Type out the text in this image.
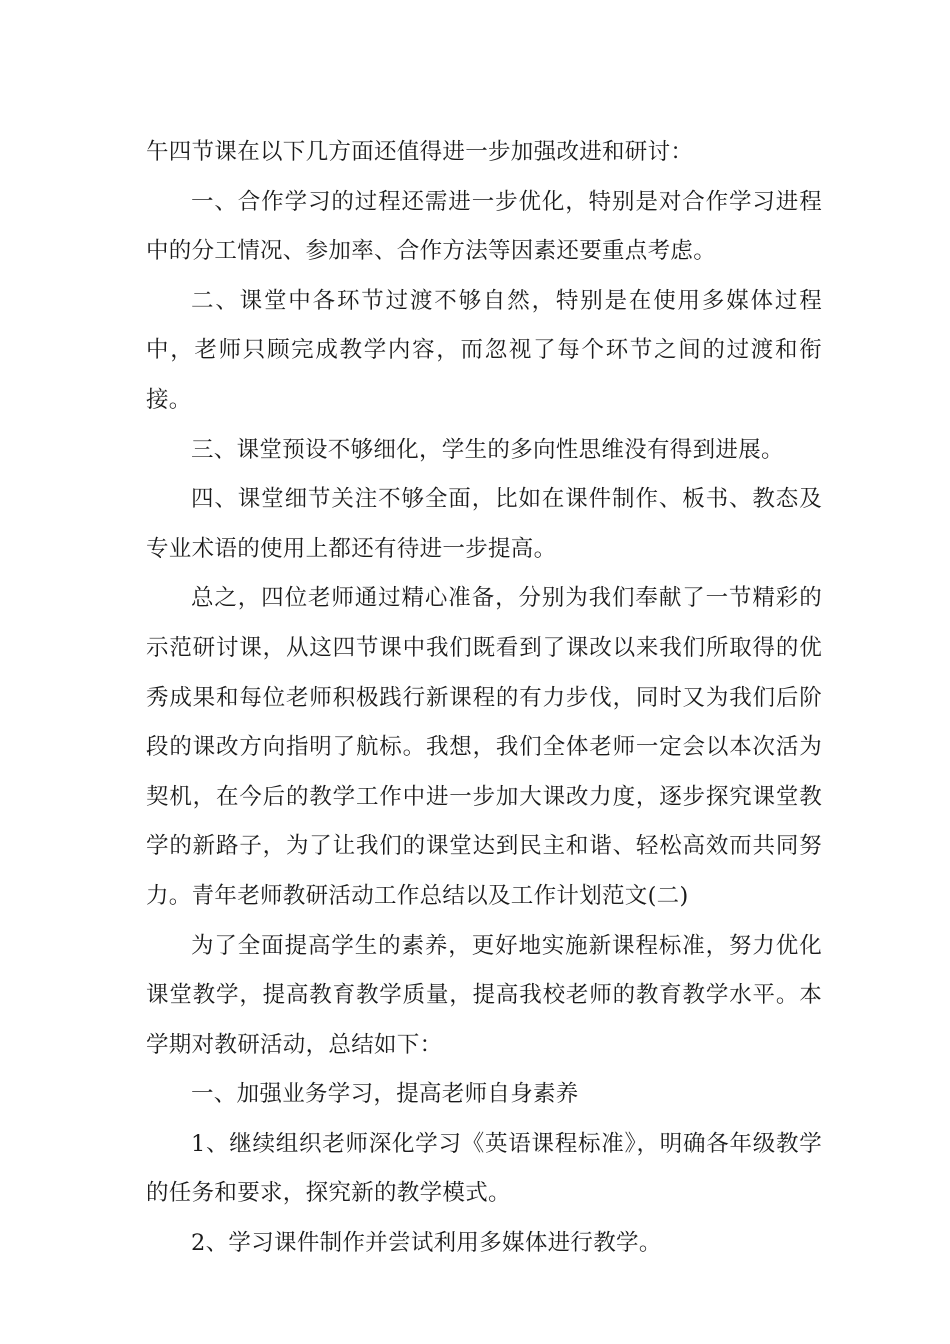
午四节课在以下几方面还值得进一步加强改进和研讨：

一、合作学习的过程还需进一步优化，特别是对合作学习进程中的分工情况、参加率、合作方法等因素还要重点考虑。

二、课堂中各环节过渡不够自然，特别是在使用多媒体过程中，老师只顾完成教学内容，而忽视了每个环节之间的过渡和衔接。

三、课堂预设不够细化，学生的多向性思维没有得到进展。

四、课堂细节关注不够全面，比如在课件制作、板书、教态及专业术语的使用上都还有待进一步提高。

总之，四位老师通过精心准备，分别为我们奉献了一节精彩的示范研讨课，从这四节课中我们既看到了课改以来我们所取得的优秀成果和每位老师积极践行新课程的有力步伐，同时又为我们后阶段的课改方向指明了航标。我想，我们全体老师一定会以本次活为契机，在今后的教学工作中进一步加大课改力度，逐步探究课堂教学的新路子，为了让我们的课堂达到民主和谐、轻松高效而共同努力。青年老师教研活动工作总结以及工作计划范文(二)

为了全面提高学生的素养，更好地实施新课程标准，努力优化课堂教学，提高教育教学质量，提高我校老师的教育教学水平。本学期对教研活动，总结如下：

一、加强业务学习，提高老师自身素养

1、继续组织老师深化学习《英语课程标准》，明确各年级教学的任务和要求，探究新的教学模式。

2、学习课件制作并尝试利用多媒体进行教学。
